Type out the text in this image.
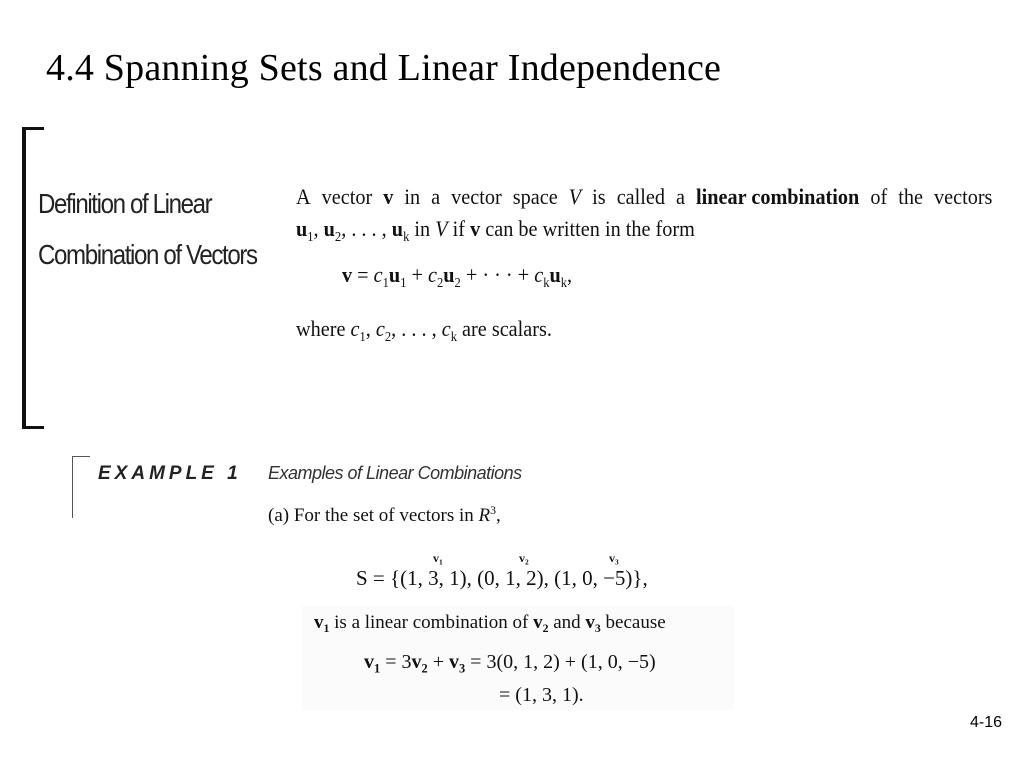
4.4 Spanning Sets and Linear Independence
Definition of Linear
Combination of Vectors
A vector v in a vector space V is called a linear combination of the vectors
$u_1$, $u_2$, . . . , $u_k$ in V if v can be written in the form
$v = c_1u_1 + c_2u_2$ + · · · + $c_ku_k$,
where $c_1$, $c_2$, . . . , $c_k$ are scalars.
EXAMPLE 1 Examples of Linear Combinations
(a) For the set of vectors in $R^3$,
$v_1$	$v_2$	$v_3$
S = {(1, 3, 1), (0, 1, 2), (1, 0, −5)},
$v_1$ is a linear combination of $v_2$ and $v_3$ because
$v_1 = 3v_2 + v_3 = 3(0$, 1, 2) + (1, 0, −5)
= (1, 3, 1).
4-16
